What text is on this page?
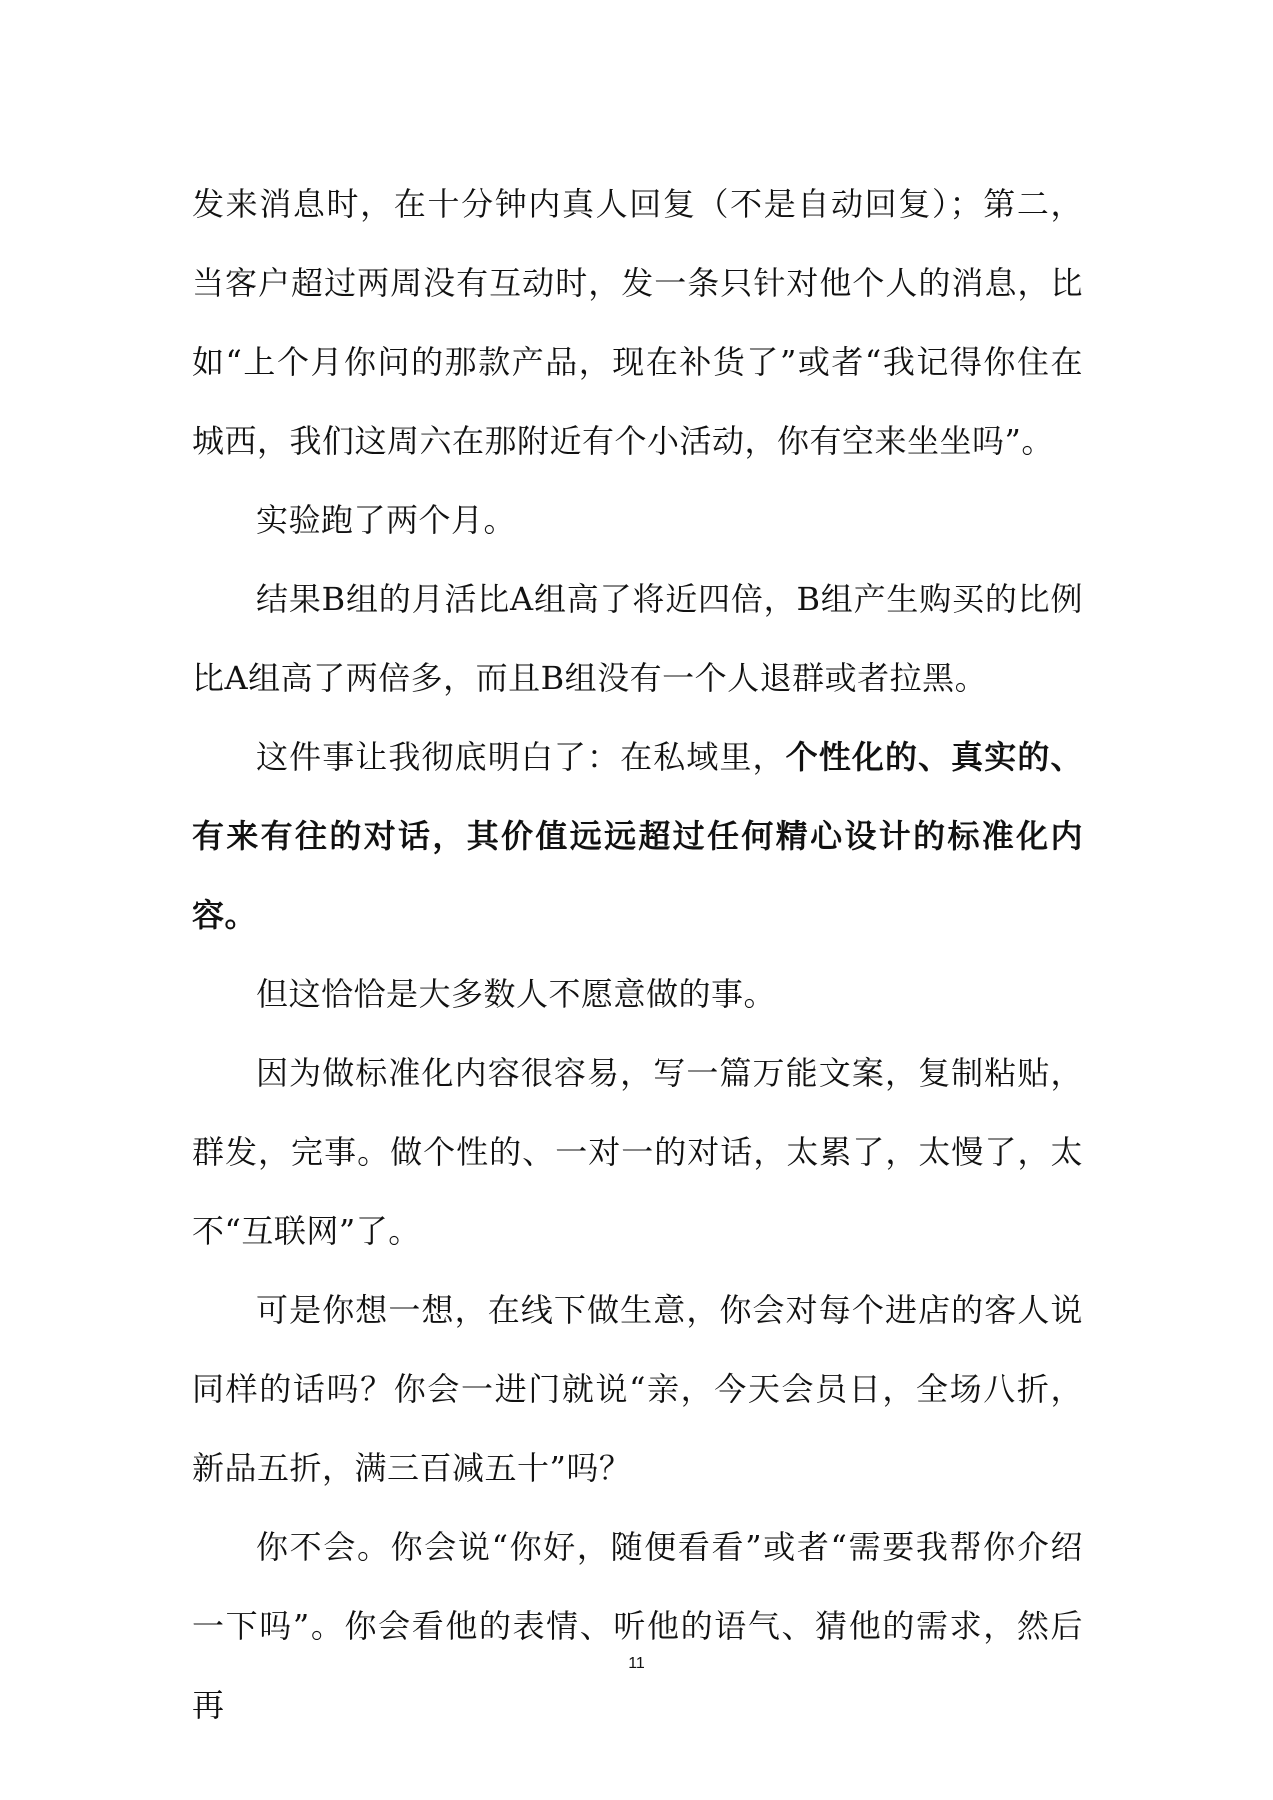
发来消息时，在十分钟内真人回复（不是自动回复）；第二，当客户超过两周没有互动时，发一条只针对他个人的消息，比如“上个月你问的那款产品，现在补货了”或者“我记得你住在城西，我们这周六在那附近有个小活动，你有空来坐坐吗”。

实验跑了两个月。

结果B组的月活比A组高了将近四倍，B组产生购买的比例比A组高了两倍多，而且B组没有一个人退群或者拉黑。

这件事让我彻底明白了：在私域里，个性化的、真实的、有来有往的对话，其价值远远超过任何精心设计的标准化内容。

但这恰恰是大多数人不愿意做的事。

因为做标准化内容很容易，写一篇万能文案，复制粘贴，群发，完事。做个性的、一对一的对话，太累了，太慢了，太不“互联网”了。

可是你想一想，在线下做生意，你会对每个进店的客人说同样的话吗？你会一进门就说“亲，今天会员日，全场八折，新品五折，满三百减五十”吗？

你不会。你会说“你好，随便看看”或者“需要我帮你介绍一下吗”。你会看他的表情、听他的语气、猜他的需求，然后再

11
